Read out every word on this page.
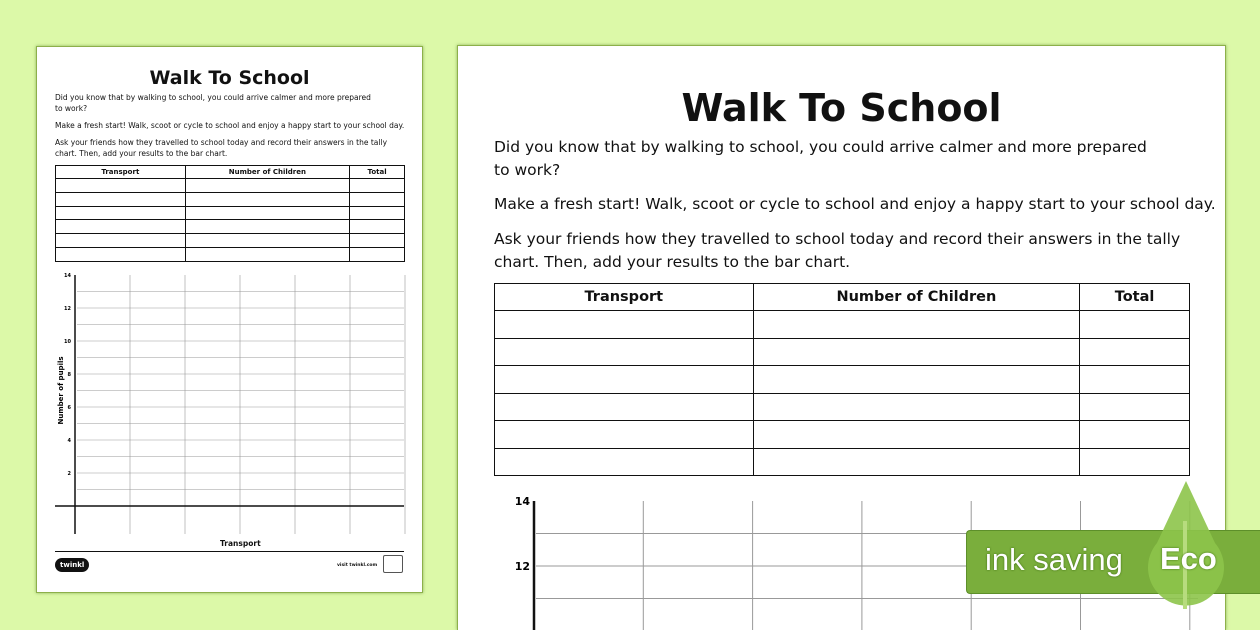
Walk To School
Did you know that by walking to school, you could arrive calmer and more prepared
to work?
Make a fresh start! Walk, scoot or cycle to school and enjoy a happy start to your school day.
Ask your friends how they travelled to school today and record their answers in the tally
chart. Then, add your results to the bar chart.
Transport	Number of Children	Total

14
12
10
8
6
4
2
Number of pupils
Transport
twinkl	visit twinkl.com
Walk To School
Did you know that by walking to school, you could arrive calmer and more prepared
to work?
Make a fresh start! Walk, scoot or cycle to school and enjoy a happy start to your school day.
Ask your friends how they travelled to school today and record their answers in the tally
chart. Then, add your results to the bar chart.
Transport	Number of Children	Total

14
12	ink saving Eco
